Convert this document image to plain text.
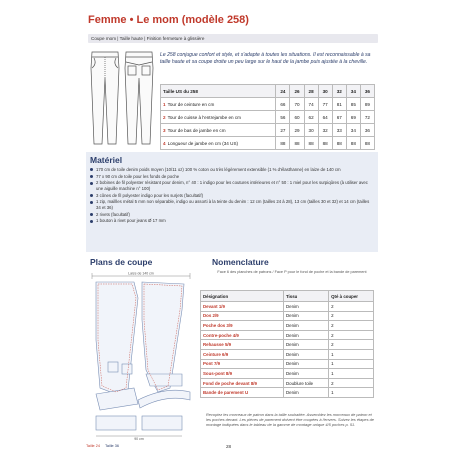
Femme • Le mom (modèle 258)
Coupe mom | Taille haute | Finition fermeture à glissière
Le 258 conjugue confort et style, et s'adapte à toutes les situations. Il est reconnaissable à sa taille haute et sa coupe droite un peu large sur le haut de la jambe puis ajustée à la cheville.
Taille US du 258	24	26	28	30	32	34	36
1 Tour de ceinture en cm	66	70	74	77	81	85	89
2 Tour de cuisse à l'entrejambe en cm	56	60	62	64	67	69	72
3 Tour de bas de jambe en cm	27	29	30	32	33	34	36
4 Longueur de jambe en cm (34 US)	88	88	88	88	88	88	88
Matériel
170 cm de toile denim poids moyen (10/11 oz) 100 % coton ou très légèrement extensible (1 % d'élasthanne) en laize de 140 cm
77 x 90 cm de toile pour les fonds de poche
2 bobines de fil polyester résistant pour denim, n° 40 : 1 indigo pour les coutures intérieures et n° 50 : 1 miel pour les surpiqûres (à utiliser avec une aiguille machine n° 100)
3 cônes de fil polyester indigo pour les surjets (facultatif)
1 zip, maillles métal 5 mm non séparable, indigo ou assorti à la teinte du denim : 12 cm (tailles 24 à 28), 13 cm (tailles 30 et 32) et 14 cm (tailles 34 et 36)
2 rivets (facultatif)
1 bouton à rivet pour jeans Ø 17 mm
Plans de coupe	Nomenclature
Laize de 140 cm
90 cm
Face 6 des planches de patrons / Face P pour le fond de poche et la bande de parement
Désignation	Tissu	Qté à couper
Devant 1/9	Denim	2
Dos 2/9	Denim	2
Poche dos 3/9	Denim	2
Contre-poche 4/9	Denim	2
Rehausse 5/9	Denim	2
Ceinture 6/9	Denim	1
Pont 7/9	Denim	1
Sous-pont 8/9	Denim	1
Fond de poche devant 8/9	Doublure toile	2
Bande de parement U	Denim	1
Recopiez les morceaux de patron dans la taille souhaitée. Assemblez les morceaux de patron et les poches devant. Les pièces de parement doivent être coupées à l'envers. Suivez les étapes de montage indiquées dans le tableau de la gamme de montage unique 4/5 poches p. 51.
Taille 24 Taille 36	28
